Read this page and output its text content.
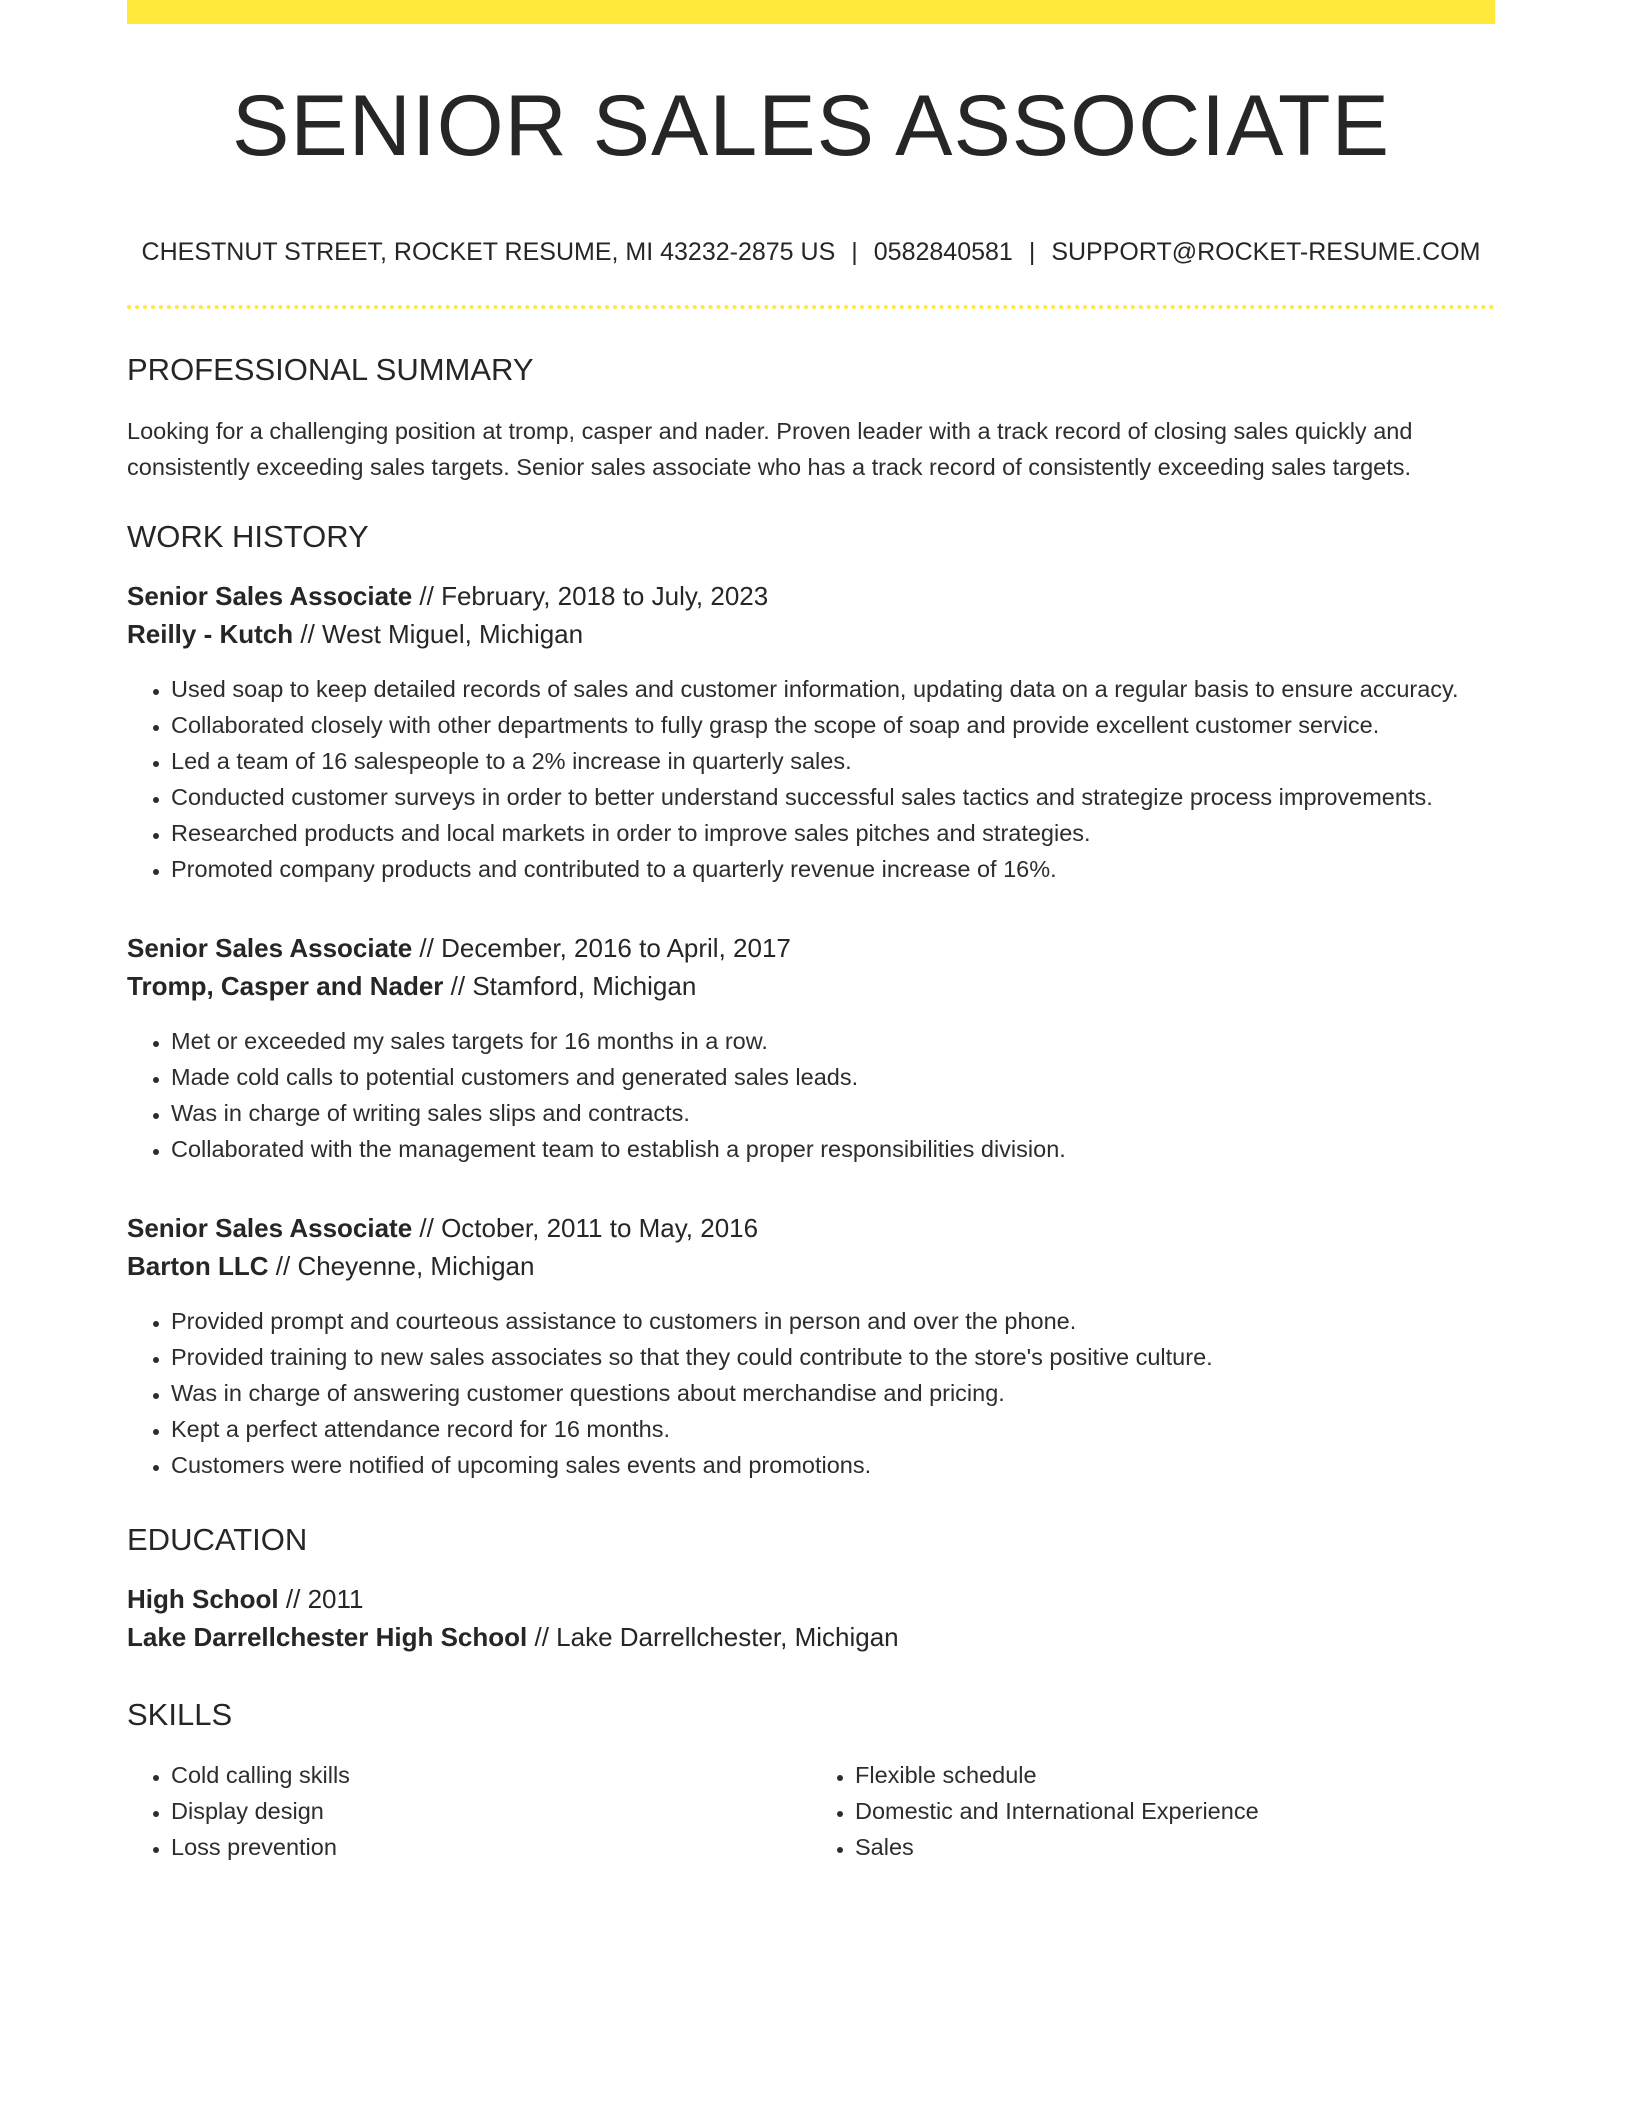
SENIOR SALES ASSOCIATE
CHESTNUT STREET, ROCKET RESUME, MI 43232-2875 US | 0582840581 | SUPPORT@ROCKET-RESUME.COM
PROFESSIONAL SUMMARY

Looking for a challenging position at tromp, casper and nader. Proven leader with a track record of closing sales quickly and consistently exceeding sales targets. Senior sales associate who has a track record of consistently exceeding sales targets.

WORK HISTORY
Senior Sales Associate // February, 2018 to July, 2023
Reilly - Kutch // West Miguel, Michigan
• Used soap to keep detailed records of sales and customer information, updating data on a regular basis to ensure accuracy.
• Collaborated closely with other departments to fully grasp the scope of soap and provide excellent customer service.
• Led a team of 16 salespeople to a 2% increase in quarterly sales.
• Conducted customer surveys in order to better understand successful sales tactics and strategize process improvements.
• Researched products and local markets in order to improve sales pitches and strategies.
• Promoted company products and contributed to a quarterly revenue increase of 16%.
Senior Sales Associate // December, 2016 to April, 2017
Tromp, Casper and Nader // Stamford, Michigan
• Met or exceeded my sales targets for 16 months in a row.
• Made cold calls to potential customers and generated sales leads.
• Was in charge of writing sales slips and contracts.
• Collaborated with the management team to establish a proper responsibilities division.
Senior Sales Associate // October, 2011 to May, 2016
Barton LLC // Cheyenne, Michigan
• Provided prompt and courteous assistance to customers in person and over the phone.
• Provided training to new sales associates so that they could contribute to the store's positive culture.
• Was in charge of answering customer questions about merchandise and pricing.
• Kept a perfect attendance record for 16 months.
• Customers were notified of upcoming sales events and promotions.
EDUCATION
High School // 2011
Lake Darrellchester High School // Lake Darrellchester, Michigan
SKILLS
• Cold calling skills
• Display design
• Loss prevention
• Flexible schedule
• Domestic and International Experience
• Sales
